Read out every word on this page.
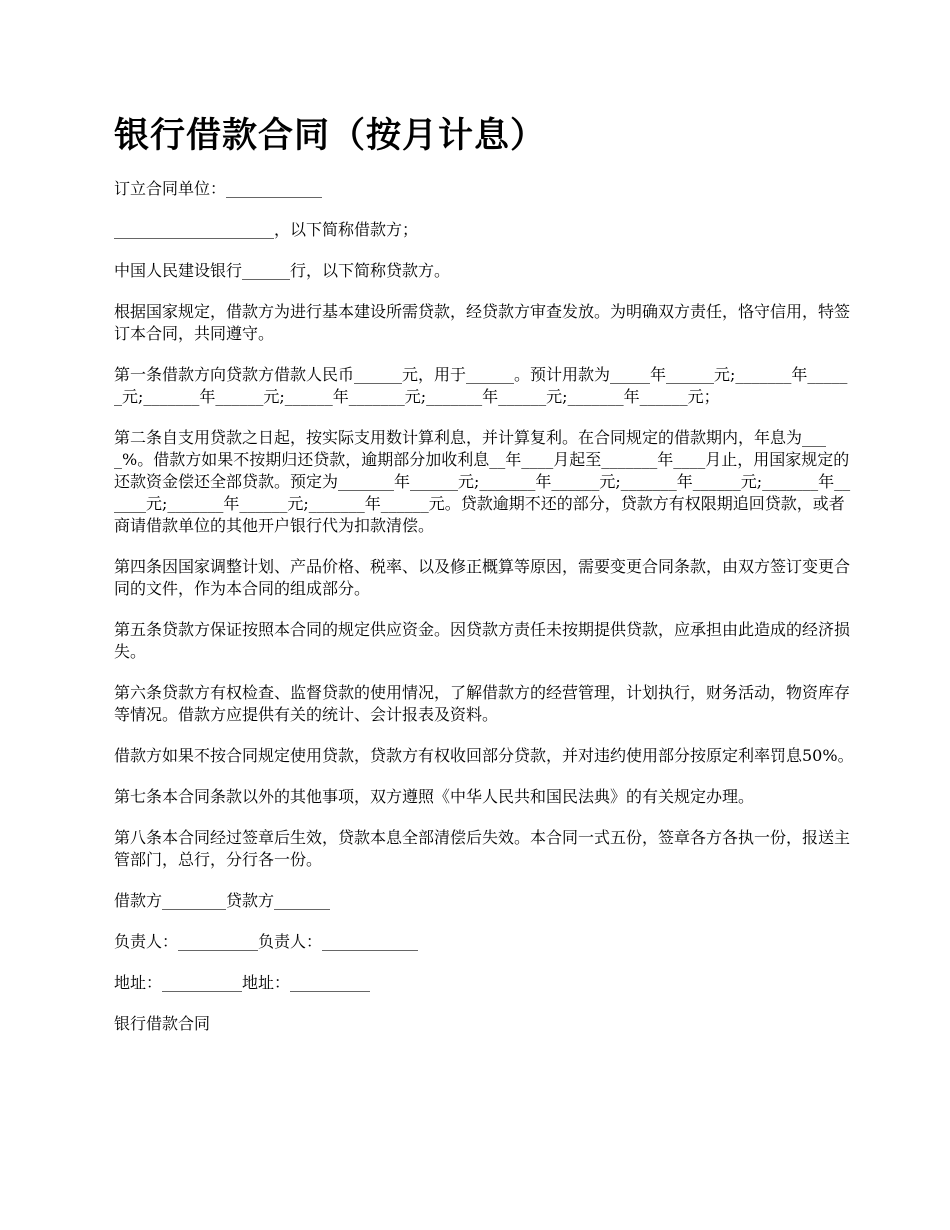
银行借款合同（按月计息）

订立合同单位：____________

____________________，以下简称借款方；

中国人民建设银行______行，以下简称贷款方。

根据国家规定，借款方为进行基本建设所需贷款，经贷款方审查发放。为明确双方责任，恪守信用，特签订本合同，共同遵守。

第一条借款方向贷款方借款人民币______元，用于______。预计用款为_____年______元;_______年______元;_______年______元;______年_______元;_______年______元;_______年______元；

第二条自支用贷款之日起，按实际支用数计算利息，并计算复利。在合同规定的借款期内，年息为____%。借款方如果不按期归还贷款，逾期部分加收利息__年____月起至_______年____月止，用国家规定的还款资金偿还全部贷款。预定为_______年______元;_______年______元;_______年______元;_______年______元;_______年______元;_______年______元。贷款逾期不还的部分，贷款方有权限期追回贷款，或者商请借款单位的其他开户银行代为扣款清偿。

第四条因国家调整计划、产品价格、税率、以及修正概算等原因，需要变更合同条款，由双方签订变更合同的文件，作为本合同的组成部分。

第五条贷款方保证按照本合同的规定供应资金。因贷款方责任未按期提供贷款，应承担由此造成的经济损失。

第六条贷款方有权检查、监督贷款的使用情况，了解借款方的经营管理，计划执行，财务活动，物资库存等情况。借款方应提供有关的统计、会计报表及资料。

借款方如果不按合同规定使用贷款，贷款方有权收回部分贷款，并对违约使用部分按原定利率罚息50%。

第七条本合同条款以外的其他事项，双方遵照《中华人民共和国民法典》的有关规定办理。

第八条本合同经过签章后生效，贷款本息全部清偿后失效。本合同一式五份，签章各方各执一份，报送主管部门，总行，分行各一份。

借款方________贷款方_______

负责人：__________负责人：____________

地址：__________地址：__________

银行借款合同
